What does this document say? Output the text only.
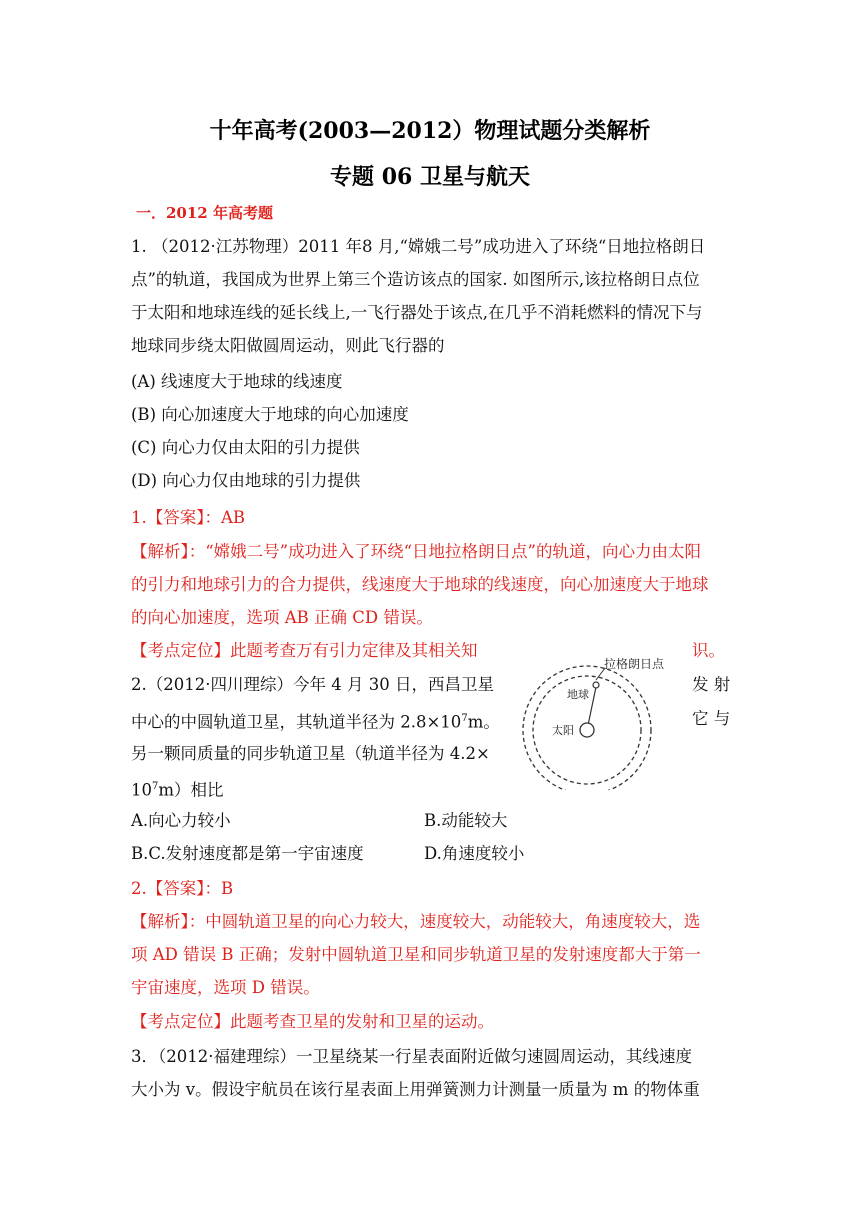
十年高考(2003—2012）物理试题分类解析
专题 06 卫星与航天
一．2012 年高考题
1. （2012·江苏物理）2011 年8 月,“嫦娥二号”成功进入了环绕“日地拉格朗日
点”的轨道，我国成为世界上第三个造访该点的国家. 如图所示,该拉格朗日点位
于太阳和地球连线的延长线上,一飞行器处于该点,在几乎不消耗燃料的情况下与
地球同步绕太阳做圆周运动，则此飞行器的
(A) 线速度大于地球的线速度
(B) 向心加速度大于地球的向心加速度
(C) 向心力仅由太阳的引力提供
(D) 向心力仅由地球的引力提供
1.【答案】：AB
【解析】：“嫦娥二号”成功进入了环绕“日地拉格朗日点”的轨道，向心力由太阳
的引力和地球引力的合力提供，线速度大于地球的线速度，向心加速度大于地球
的向心加速度，选项 AB 正确 CD 错误。
【考点定位】此题考查万有引力定律及其相关知	识。
拉格朗日点
地球
太阳
2.（2012·四川理综）今年 4 月 30 日，西昌卫星	发 射
中心的中圆轨道卫星，其轨道半径为 $2.8\times 10^7m$。	它 与
另一颗同质量的同步轨道卫星（轨道半径为 4.2×
$10^7m$）相比
A.向心力较小	B.动能较大
B.C.发射速度都是第一宇宙速度	D.角速度较小
2.【答案】：B
【解析】：中圆轨道卫星的向心力较大，速度较大，动能较大，角速度较大，选
项 AD 错误 B 正确；发射中圆轨道卫星和同步轨道卫星的发射速度都大于第一
宇宙速度，选项 D 错误。
【考点定位】此题考查卫星的发射和卫星的运动。
3．（2012·福建理综）一卫星绕某一行星表面附近做匀速圆周运动，其线速度
大小为 v。假设宇航员在该行星表面上用弹簧测力计测量一质量为 m 的物体重
